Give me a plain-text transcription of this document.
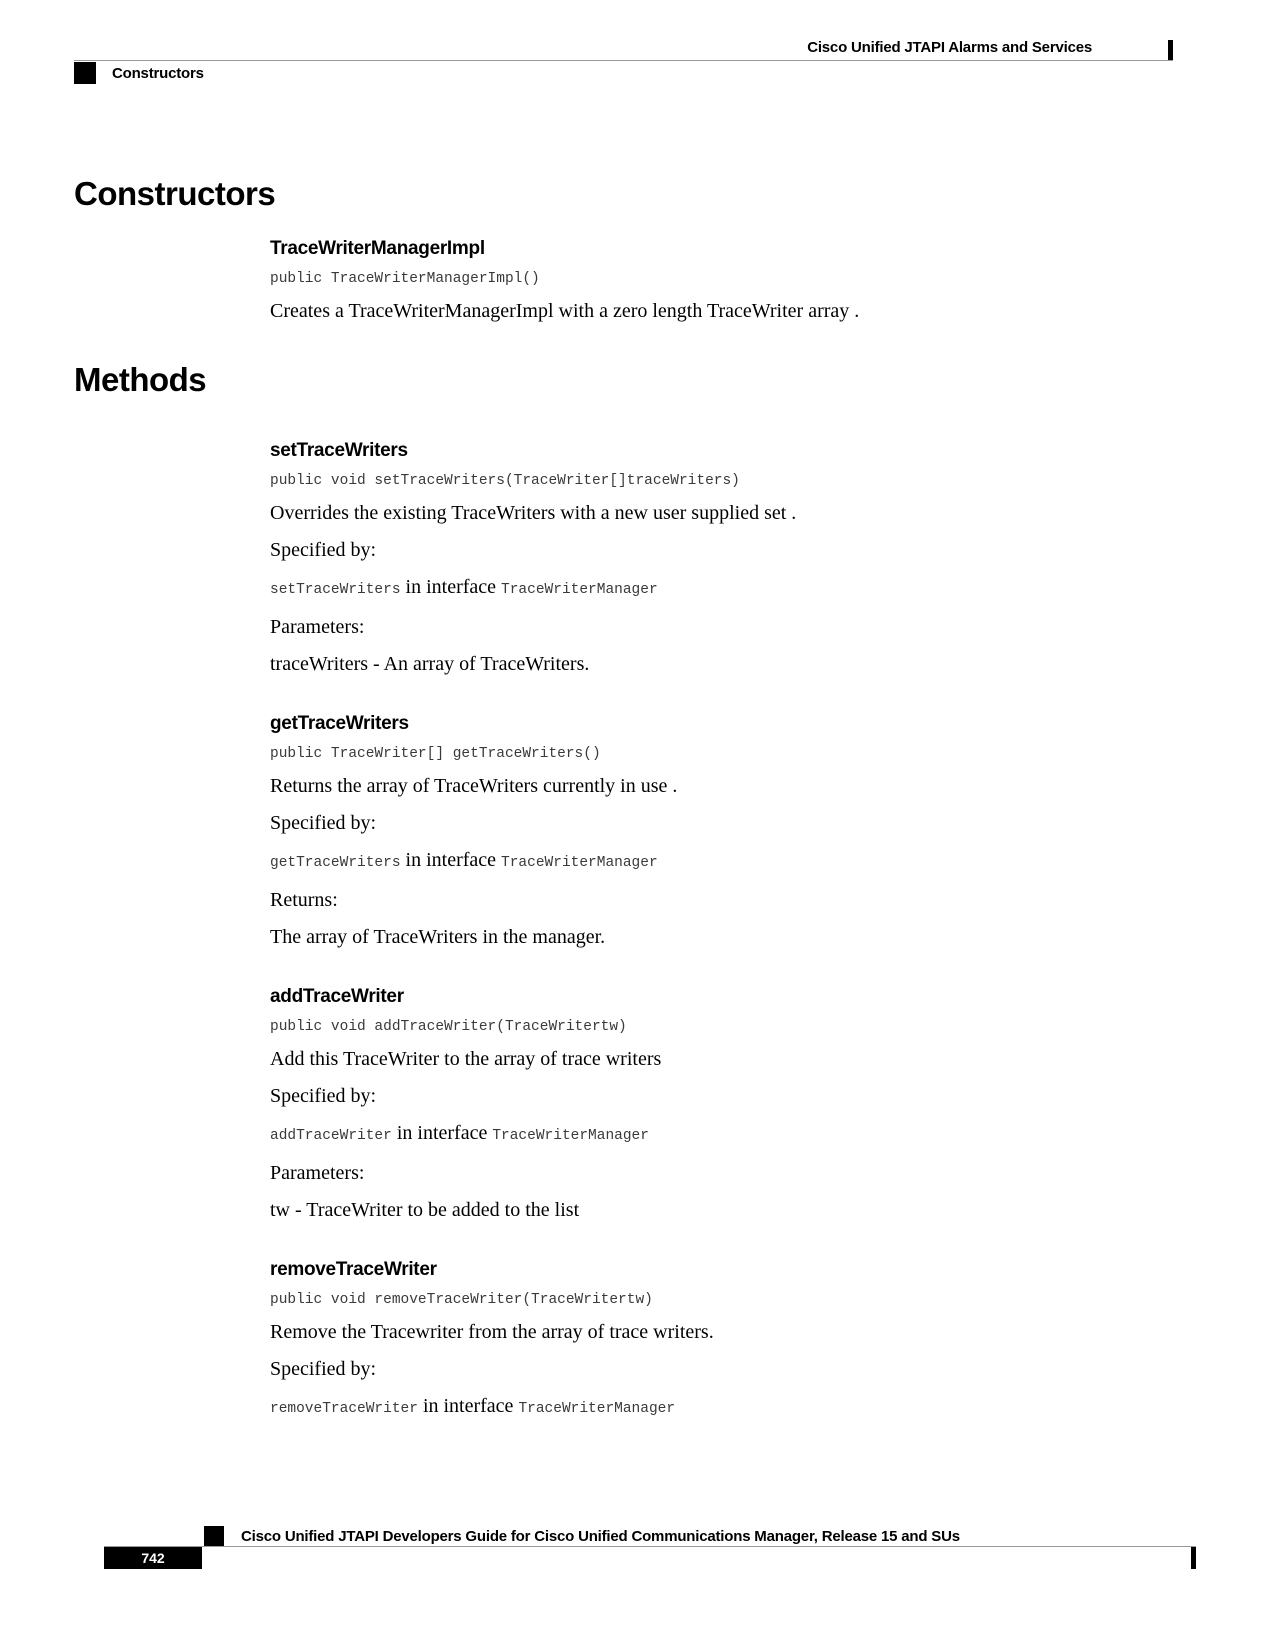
Cisco Unified JTAPI Alarms and Services
Constructors
Constructors
TraceWriterManagerImpl
public TraceWriterManagerImpl()
Creates a TraceWriterManagerImpl with a zero length TraceWriter array .
Methods
setTraceWriters
public void setTraceWriters(TraceWriter[]traceWriters)
Overrides the existing TraceWriters with a new user supplied set .
Specified by:
setTraceWriters in interface TraceWriterManager
Parameters:
traceWriters - An array of TraceWriters.
getTraceWriters
public TraceWriter[] getTraceWriters()
Returns the array of TraceWriters currently in use .
Specified by:
getTraceWriters in interface TraceWriterManager
Returns:
The array of TraceWriters in the manager.
addTraceWriter
public void addTraceWriter(TraceWritertw)
Add this TraceWriter to the array of trace writers
Specified by:
addTraceWriter in interface TraceWriterManager
Parameters:
tw - TraceWriter to be added to the list
removeTraceWriter
public void removeTraceWriter(TraceWritertw)
Remove the Tracewriter from the array of trace writers.
Specified by:
removeTraceWriter in interface TraceWriterManager
Cisco Unified JTAPI Developers Guide for Cisco Unified Communications Manager, Release 15 and SUs
742
